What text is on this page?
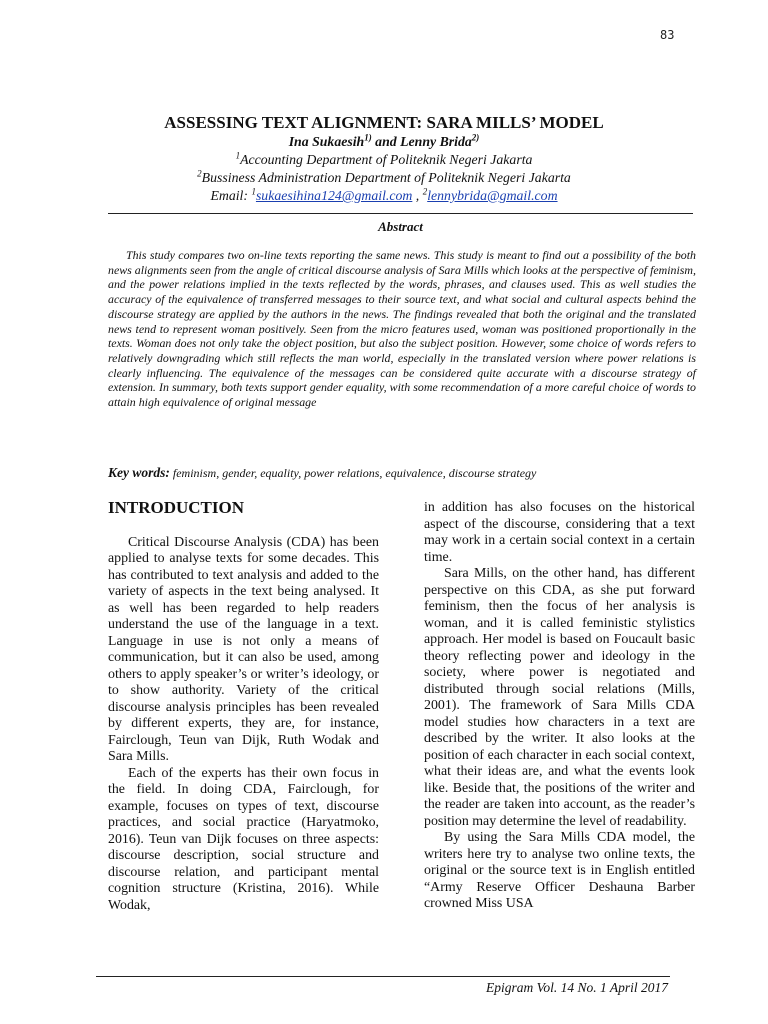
83
ASSESSING TEXT ALIGNMENT: SARA MILLS’ MODEL

Ina Sukaesih$^{1)}$ and Lenny Brida$^{2)}$

$^1$Accounting Department of Politeknik Negeri Jakarta

$^2$Bussiness Administration Department of Politeknik Negeri Jakarta

Email: $^1$sukaesihina124@gmail.com , $^2$lennybrida@gmail.com

Abstract

This study compares two on-line texts reporting the same news. This study is meant to find out a possibility of the both news alignments seen from the angle of critical discourse analysis of Sara Mills which looks at the perspective of feminism, and the power relations implied in the texts reflected by the words, phrases, and clauses used. This as well studies the accuracy of the equivalence of transferred messages to their source text, and what social and cultural aspects behind the discourse strategy are applied by the authors in the news. The findings revealed that both the original and the translated news tend to represent woman positively. Seen from the micro features used, woman was positioned proportionally in the texts. Woman does not only take the object position, but also the subject position. However, some choice of words refers to relatively downgrading which still reflects the man world, especially in the translated version where power relations is clearly influencing. The equivalence of the messages can be considered quite accurate with a discourse strategy of extension. In summary, both texts support gender equality, with some recommendation of a more careful choice of words to attain high equivalence of original message

Key words: feminism, gender, equality, power relations, equivalence, discourse strategy

INTRODUCTION

Critical Discourse Analysis (CDA) has been applied to analyse texts for some decades. This has contributed to text analysis and added to the variety of aspects in the text being analysed. It as well has been regarded to help readers understand the use of the language in a text. Language in use is not only a means of communication, but it can also be used, among others to apply speaker’s or writer’s ideology, or to show authority. Variety of the critical discourse analysis principles has been revealed by different experts, they are, for instance, Fairclough, Teun van Dijk, Ruth Wodak and Sara Mills.

Each of the experts has their own focus in the field. In doing CDA, Fairclough, for example, focuses on types of text, discourse practices, and social practice (Haryatmoko, 2016). Teun van Dijk focuses on three aspects: discourse description, social structure and discourse relation, and participant mental cognition structure (Kristina, 2016). While Wodak,

in addition has also focuses on the historical aspect of the discourse, considering that a text may work in a certain social context in a certain time.

Sara Mills, on the other hand, has different perspective on this CDA, as she put forward feminism, then the focus of her analysis is woman, and it is called feministic stylistics approach. Her model is based on Foucault basic theory reflecting power and ideology in the society, where power is negotiated and distributed through social relations (Mills, 2001). The framework of Sara Mills CDA model studies how characters in a text are described by the writer. It also looks at the position of each character in each social context, what their ideas are, and what the events look like. Beside that, the positions of the writer and the reader are taken into account, as the reader’s position may determine the level of readability.

By using the Sara Mills CDA model, the writers here try to analyse two online texts, the original or the source text is in English entitled “Army Reserve Officer Deshauna Barber crowned Miss USA

Epigram Vol. 14 No. 1 April 2017
